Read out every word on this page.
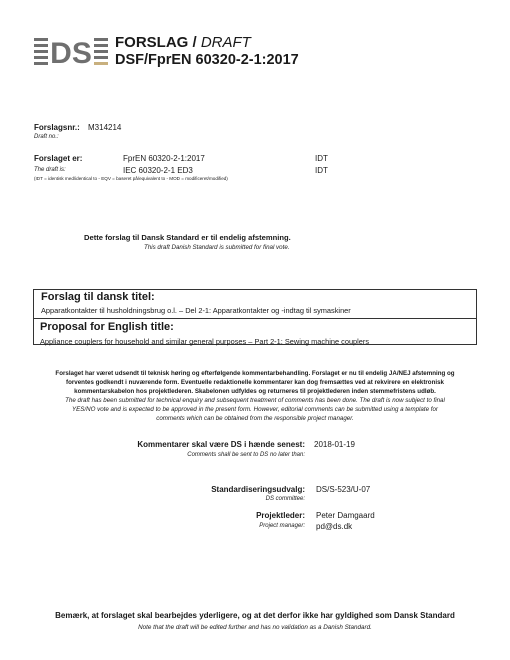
DS FORSLAG / DRAFT
DSF/FprEN 60320-2-1:2017
Forslagsnr.:
Draft no.:
M314214
Forslaget er:
The draft is:
FprEN 60320-2-1:2017
IEC 60320-2-1 ED3
IDT
IDT
(IDT = identisk med/identical to - EQV = baseret på/equivalent to - MOD = modificeret/modified)
Dette forslag til Dansk Standard er til endelig afstemning.
This draft Danish Standard is submitted for final vote.
Forslag til dansk titel:
Apparatkontakter til husholdningsbrug o.l. – Del 2-1: Apparatkontakter og -indtag til symaskiner
Proposal for English title:
Appliance couplers for household and similar general purposes – Part 2-1: Sewing machine couplers
Forslaget har været udsendt til teknisk høring og efterfølgende kommentarbehandling. Forslaget er nu til endelig JA/NEJ afstemning og
forventes godkendt i nuværende form. Eventuelle redaktionelle kommentarer kan dog fremsættes ved at rekvirere en elektronisk
kommentarskabelon hos projektlederen. Skabelonen udfyldes og returneres til projektlederen inden stemmefristens udløb.
The draft has been submitted for technical enquiry and subsequent treatment of comments has been done. The draft is now subject to final
YES/NO vote and is expected to be approved in the present form. However, editorial comments can be submitted using a template for
comments which can be obtained from the responsible project manager.
Kommentarer skal være DS i hænde senest:
Comments shall be sent to DS no later than:
2018-01-19
Standardiseringsudvalg:
DS committee:
DS/S-523/U-07
Projektleder:
Project manager:
Peter Damgaard
pd@ds.dk
Bemærk, at forslaget skal bearbejdes yderligere, og at det derfor ikke har gyldighed som Dansk Standard
Note that the draft will be edited further and has no validation as a Danish Standard.
